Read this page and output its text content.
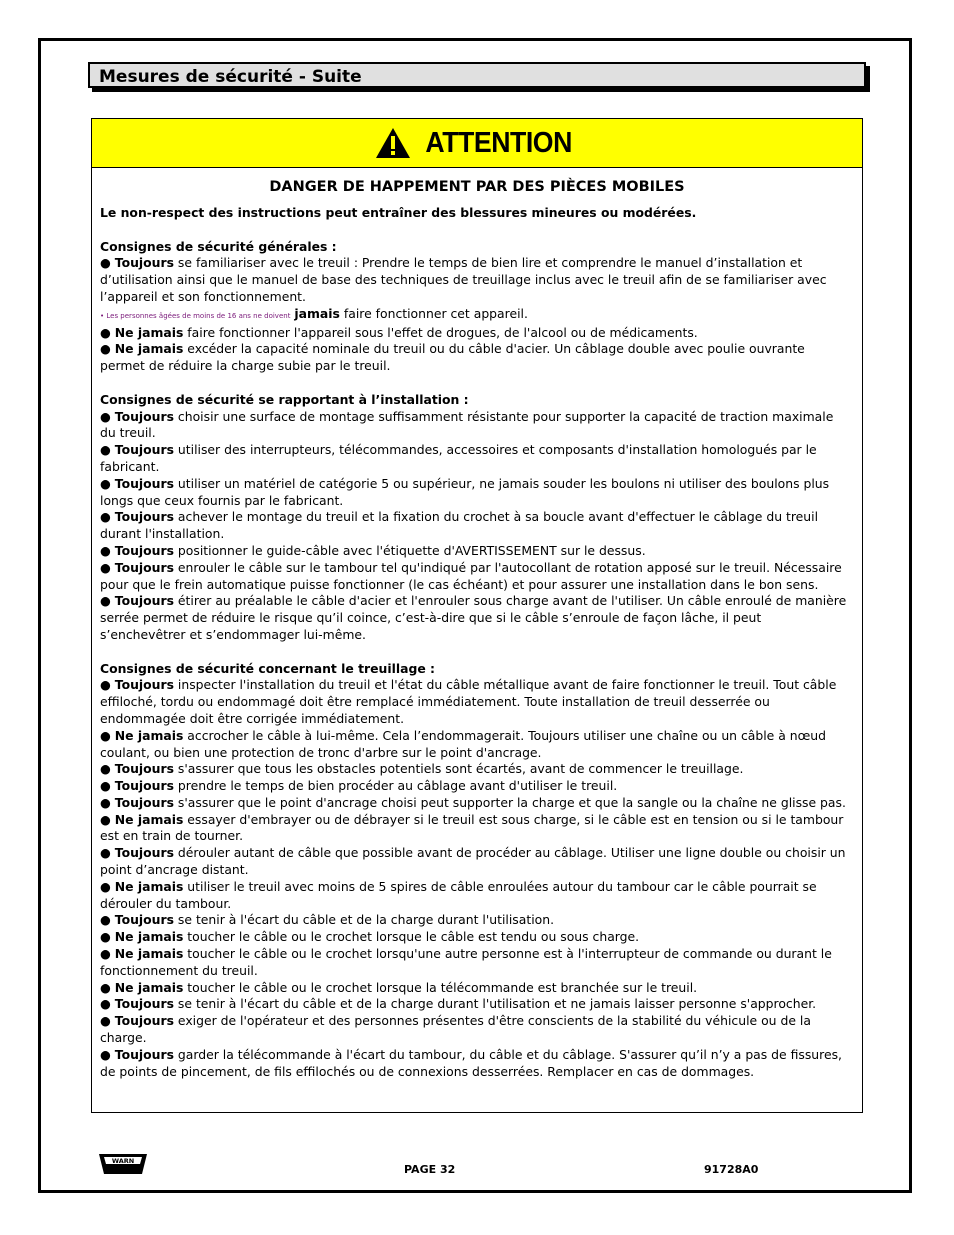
Mesures de sécurité - Suite
ATTENTION
DANGER DE HAPPEMENT PAR DES PIÈCES MOBILES

Le non-respect des instructions peut entraîner des blessures mineures ou modérées.

Consignes de sécurité générales :

● Toujours se familiariser avec le treuil : Prendre le temps de bien lire et comprendre le manuel d’installation et d’utilisation ainsi que le manuel de base des techniques de treuillage inclus avec le treuil afin de se familiariser avec l’appareil et son fonctionnement.

• Les personnes âgées de moins de 16 ans ne doivent jamais faire fonctionner cet appareil.

● Ne jamais faire fonctionner l'appareil sous l'effet de drogues, de l'alcool ou de médicaments.

● Ne jamais excéder la capacité nominale du treuil ou du câble d'acier. Un câblage double avec poulie ouvrante permet de réduire la charge subie par le treuil.

Consignes de sécurité se rapportant à l’installation :

● Toujours choisir une surface de montage suffisamment résistante pour supporter la capacité de traction maximale du treuil.

● Toujours utiliser des interrupteurs, télécommandes, accessoires et composants d'installation homologués par le fabricant.

● Toujours utiliser un matériel de catégorie 5 ou supérieur, ne jamais souder les boulons ni utiliser des boulons plus longs que ceux fournis par le fabricant.

● Toujours achever le montage du treuil et la fixation du crochet à sa boucle avant d'effectuer le câblage du treuil durant l'installation.

● Toujours positionner le guide-câble avec l'étiquette d'AVERTISSEMENT sur le dessus.

● Toujours enrouler le câble sur le tambour tel qu'indiqué par l'autocollant de rotation apposé sur le treuil. Nécessaire pour que le frein automatique puisse fonctionner (le cas échéant) et pour assurer une installation dans le bon sens.

● Toujours étirer au préalable le câble d'acier et l'enrouler sous charge avant de l'utiliser. Un câble enroulé de manière serrée permet de réduire le risque qu’il coince, c’est-à-dire que si le câble s’enroule de façon lâche, il peut s’enchevêtrer et s’endommager lui-même.

Consignes de sécurité concernant le treuillage :

● Toujours inspecter l'installation du treuil et l'état du câble métallique avant de faire fonctionner le treuil. Tout câble effiloché, tordu ou endommagé doit être remplacé immédiatement. Toute installation de treuil desserrée ou endommagée doit être corrigée immédiatement.

● Ne jamais accrocher le câble à lui-même. Cela l’endommagerait. Toujours utiliser une chaîne ou un câble à nœud coulant, ou bien une protection de tronc d'arbre sur le point d'ancrage.

● Toujours s'assurer que tous les obstacles potentiels sont écartés, avant de commencer le treuillage.

● Toujours prendre le temps de bien procéder au câblage avant d'utiliser le treuil.

● Toujours s'assurer que le point d'ancrage choisi peut supporter la charge et que la sangle ou la chaîne ne glisse pas.

● Ne jamais essayer d'embrayer ou de débrayer si le treuil est sous charge, si le câble est en tension ou si le tambour est en train de tourner.

● Toujours dérouler autant de câble que possible avant de procéder au câblage. Utiliser une ligne double ou choisir un point d’ancrage distant.

● Ne jamais utiliser le treuil avec moins de 5 spires de câble enroulées autour du tambour car le câble pourrait se dérouler du tambour.

● Toujours se tenir à l'écart du câble et de la charge durant l'utilisation.

● Ne jamais toucher le câble ou le crochet lorsque le câble est tendu ou sous charge.

● Ne jamais toucher le câble ou le crochet lorsqu'une autre personne est à l'interrupteur de commande ou durant le fonctionnement du treuil.

● Ne jamais toucher le câble ou le crochet lorsque la télécommande est branchée sur le treuil.

● Toujours se tenir à l'écart du câble et de la charge durant l'utilisation et ne jamais laisser personne s'approcher.

● Toujours exiger de l'opérateur et des personnes présentes d'être conscients de la stabilité du véhicule ou de la charge.

● Toujours garder la télécommande à l'écart du tambour, du câble et du câblage. S'assurer qu’il n’y a pas de fissures, de points de pincement, de fils effilochés ou de connexions desserrées. Remplacer en cas de dommages.

WARN
PAGE 32	91728A0
